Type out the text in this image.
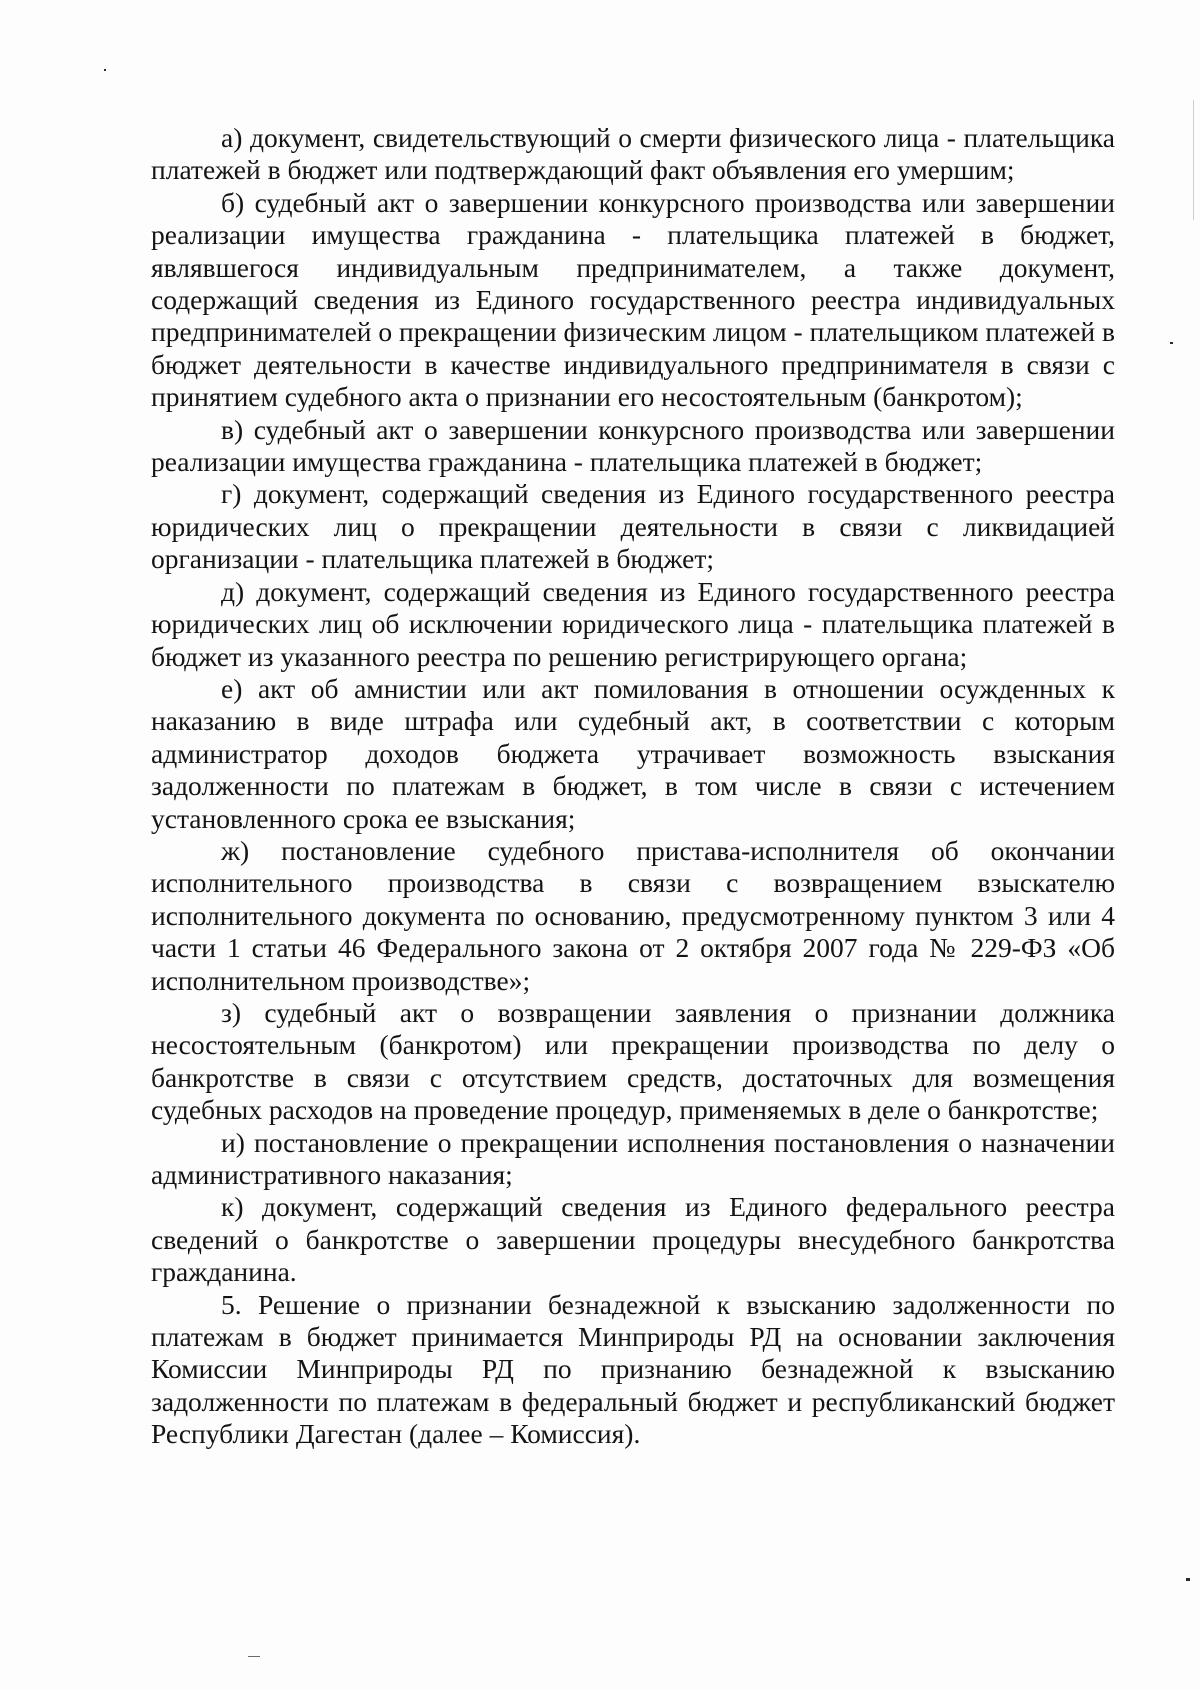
а) документ, свидетельствующий о смерти физического лица - плательщика платежей в бюджет или подтверждающий факт объявления его умершим;

б) судебный акт о завершении конкурсного производства или завершении реализации имущества гражданина - плательщика платежей в бюджет, являвшегося индивидуальным предпринимателем, а также документ, содержащий сведения из Единого государственного реестра индивидуальных предпринимателей о прекращении физическим лицом - плательщиком платежей в бюджет деятельности в качестве индивидуального предпринимателя в связи с принятием судебного акта о признании его несостоятельным (банкротом);

в) судебный акт о завершении конкурсного производства или завершении реализации имущества гражданина - плательщика платежей в бюджет;

г) документ, содержащий сведения из Единого государственного реестра юридических лиц о прекращении деятельности в связи с ликвидацией организации - плательщика платежей в бюджет;

д) документ, содержащий сведения из Единого государственного реестра юридических лиц об исключении юридического лица - плательщика платежей в бюджет из указанного реестра по решению регистрирующего органа;

е) акт об амнистии или акт помилования в отношении осужденных к наказанию в виде штрафа или судебный акт, в соответствии с которым администратор доходов бюджета утрачивает возможность взыскания задолженности по платежам в бюджет, в том числе в связи с истечением установленного срока ее взыскания;

ж) постановление судебного пристава-исполнителя об окончании исполнительного производства в связи с возвращением взыскателю исполнительного документа по основанию, предусмотренному пунктом 3 или 4 части 1 статьи 46 Федерального закона от 2 октября 2007 года № 229-ФЗ «Об исполнительном производстве»;

з) судебный акт о возвращении заявления о признании должника несостоятельным (банкротом) или прекращении производства по делу о банкротстве в связи с отсутствием средств, достаточных для возмещения судебных расходов на проведение процедур, применяемых в деле о банкротстве;

и) постановление о прекращении исполнения постановления о назначении административного наказания;

к) документ, содержащий сведения из Единого федерального реестра сведений о банкротстве о завершении процедуры внесудебного банкротства гражданина.

5. Решение о признании безнадежной к взысканию задолженности по платежам в бюджет принимается Минприроды РД на основании заключения Комиссии Минприроды РД по признанию безнадежной к взысканию задолженности по платежам в федеральный бюджет и республиканский бюджет Республики Дагестан (далее – Комиссия).
